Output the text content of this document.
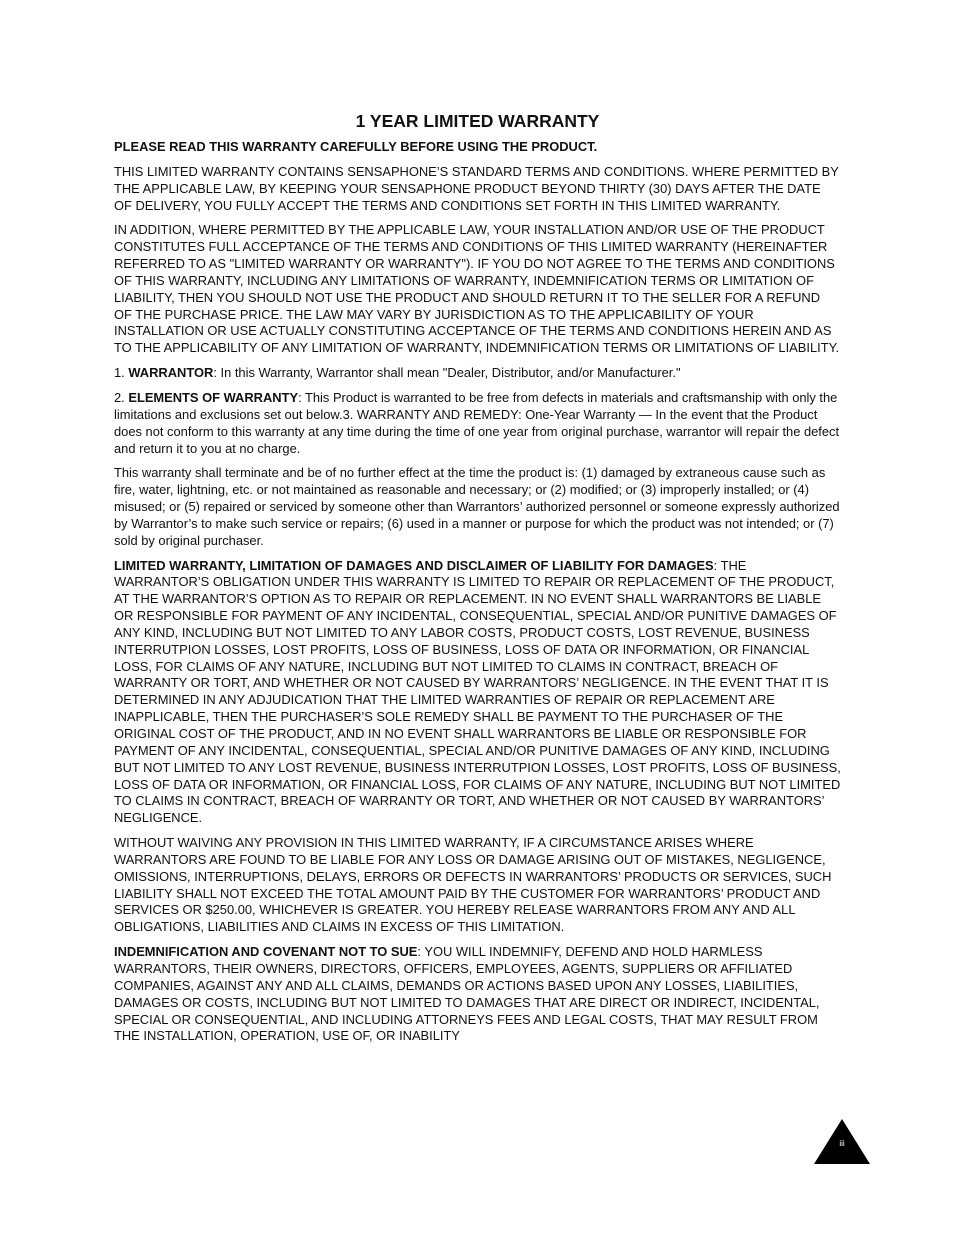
1 YEAR LIMITED WARRANTY

PLEASE READ THIS WARRANTY CAREFULLY BEFORE USING THE PRODUCT.

THIS LIMITED WARRANTY CONTAINS SENSAPHONE’S STANDARD TERMS AND CONDITIONS. WHERE PERMITTED BY THE APPLICABLE LAW, BY KEEPING YOUR SENSAPHONE PRODUCT BEYOND THIRTY (30) DAYS AFTER THE DATE OF DELIVERY, YOU FULLY ACCEPT THE TERMS AND CONDITIONS SET FORTH IN THIS LIMITED WARRANTY.

IN ADDITION, WHERE PERMITTED BY THE APPLICABLE LAW, YOUR INSTALLATION AND/OR USE OF THE PRODUCT CONSTITUTES FULL ACCEPTANCE OF THE TERMS AND CONDITIONS OF THIS LIMITED WARRANTY (HEREINAFTER REFERRED TO AS "LIMITED WARRANTY OR WARRANTY"). IF YOU DO NOT AGREE TO THE TERMS AND CONDITIONS OF THIS WARRANTY, INCLUDING ANY LIMITATIONS OF WARRANTY, INDEMNIFICATION TERMS OR LIMITATION OF LIABILITY, THEN YOU SHOULD NOT USE THE PRODUCT AND SHOULD RETURN IT TO THE SELLER FOR A REFUND OF THE PURCHASE PRICE. THE LAW MAY VARY BY JURISDICTION AS TO THE APPLICABILITY OF YOUR INSTALLATION OR USE ACTUALLY CONSTITUTING ACCEPTANCE OF THE TERMS AND CONDITIONS HEREIN AND AS TO THE APPLICABILITY OF ANY LIMITATION OF WARRANTY, INDEMNIFICATION TERMS OR LIMITATIONS OF LIABILITY.

1. WARRANTOR: In this Warranty, Warrantor shall mean "Dealer, Distributor, and/or Manufacturer."

2. ELEMENTS OF WARRANTY: This Product is warranted to be free from defects in materials and craftsmanship with only the limitations and exclusions set out below.3. WARRANTY AND REMEDY: One-Year Warranty — In the event that the Product does not conform to this warranty at any time during the time of one year from original purchase, warrantor will repair the defect and return it to you at no charge.

This warranty shall terminate and be of no further effect at the time the product is: (1) damaged by extraneous cause such as fire, water, lightning, etc. or not maintained as reasonable and necessary; or (2) modified; or (3) improperly installed; or (4) misused; or (5) repaired or serviced by someone other than Warrantors’ authorized personnel or someone expressly authorized by Warrantor’s to make such service or repairs; (6) used in a manner or purpose for which the product was not intended; or (7) sold by original purchaser.

LIMITED WARRANTY, LIMITATION OF DAMAGES AND DISCLAIMER OF LIABILITY FOR DAMAGES: THE WARRANTOR’S OBLIGATION UNDER THIS WARRANTY IS LIMITED TO REPAIR OR REPLACEMENT OF THE PRODUCT, AT THE WARRANTOR’S OPTION AS TO REPAIR OR REPLACEMENT. IN NO EVENT SHALL WARRANTORS BE LIABLE OR RESPONSIBLE FOR PAYMENT OF ANY INCIDENTAL, CONSEQUENTIAL, SPECIAL AND/OR PUNITIVE DAMAGES OF ANY KIND, INCLUDING BUT NOT LIMITED TO ANY LABOR COSTS, PRODUCT COSTS, LOST REVENUE, BUSINESS INTERRUTPION LOSSES, LOST PROFITS, LOSS OF BUSINESS, LOSS OF DATA OR INFORMATION, OR FINANCIAL LOSS, FOR CLAIMS OF ANY NATURE, INCLUDING BUT NOT LIMITED TO CLAIMS IN CONTRACT, BREACH OF WARRANTY OR TORT, AND WHETHER OR NOT CAUSED BY WARRANTORS’ NEGLIGENCE. IN THE EVENT THAT IT IS DETERMINED IN ANY ADJUDICATION THAT THE LIMITED WARRANTIES OF REPAIR OR REPLACEMENT ARE INAPPLICABLE, THEN THE PURCHASER’S SOLE REMEDY SHALL BE PAYMENT TO THE PURCHASER OF THE ORIGINAL COST OF THE PRODUCT, AND IN NO EVENT SHALL WARRANTORS BE LIABLE OR RESPONSIBLE FOR PAYMENT OF ANY INCIDENTAL, CONSEQUENTIAL, SPECIAL AND/OR PUNITIVE DAMAGES OF ANY KIND, INCLUDING BUT NOT LIMITED TO ANY LOST REVENUE, BUSINESS INTERRUTPION LOSSES, LOST PROFITS, LOSS OF BUSINESS, LOSS OF DATA OR INFORMATION, OR FINANCIAL LOSS, FOR CLAIMS OF ANY NATURE, INCLUDING BUT NOT LIMITED TO CLAIMS IN CONTRACT, BREACH OF WARRANTY OR TORT, AND WHETHER OR NOT CAUSED BY WARRANTORS’ NEGLIGENCE.

WITHOUT WAIVING ANY PROVISION IN THIS LIMITED WARRANTY, IF A CIRCUMSTANCE ARISES WHERE WARRANTORS ARE FOUND TO BE LIABLE FOR ANY LOSS OR DAMAGE ARISING OUT OF MISTAKES, NEGLIGENCE, OMISSIONS, INTERRUPTIONS, DELAYS, ERRORS OR DEFECTS IN WARRANTORS’ PRODUCTS OR SERVICES, SUCH LIABILITY SHALL NOT EXCEED THE TOTAL AMOUNT PAID BY THE CUSTOMER FOR WARRANTORS’ PRODUCT AND SERVICES OR $250.00, WHICHEVER IS GREATER. YOU HEREBY RELEASE WARRANTORS FROM ANY AND ALL OBLIGATIONS, LIABILITIES AND CLAIMS IN EXCESS OF THIS LIMITATION.

INDEMNIFICATION AND COVENANT NOT TO SUE: YOU WILL INDEMNIFY, DEFEND AND HOLD HARMLESS WARRANTORS, THEIR OWNERS, DIRECTORS, OFFICERS, EMPLOYEES, AGENTS, SUPPLIERS OR AFFILIATED COMPANIES, AGAINST ANY AND ALL CLAIMS, DEMANDS OR ACTIONS BASED UPON ANY LOSSES, LIABILITIES, DAMAGES OR COSTS, INCLUDING BUT NOT LIMITED TO DAMAGES THAT ARE DIRECT OR INDIRECT, INCIDENTAL, SPECIAL OR CONSEQUENTIAL, AND INCLUDING ATTORNEYS FEES AND LEGAL COSTS, THAT MAY RESULT FROM THE INSTALLATION, OPERATION, USE OF, OR INABILITY

iii
